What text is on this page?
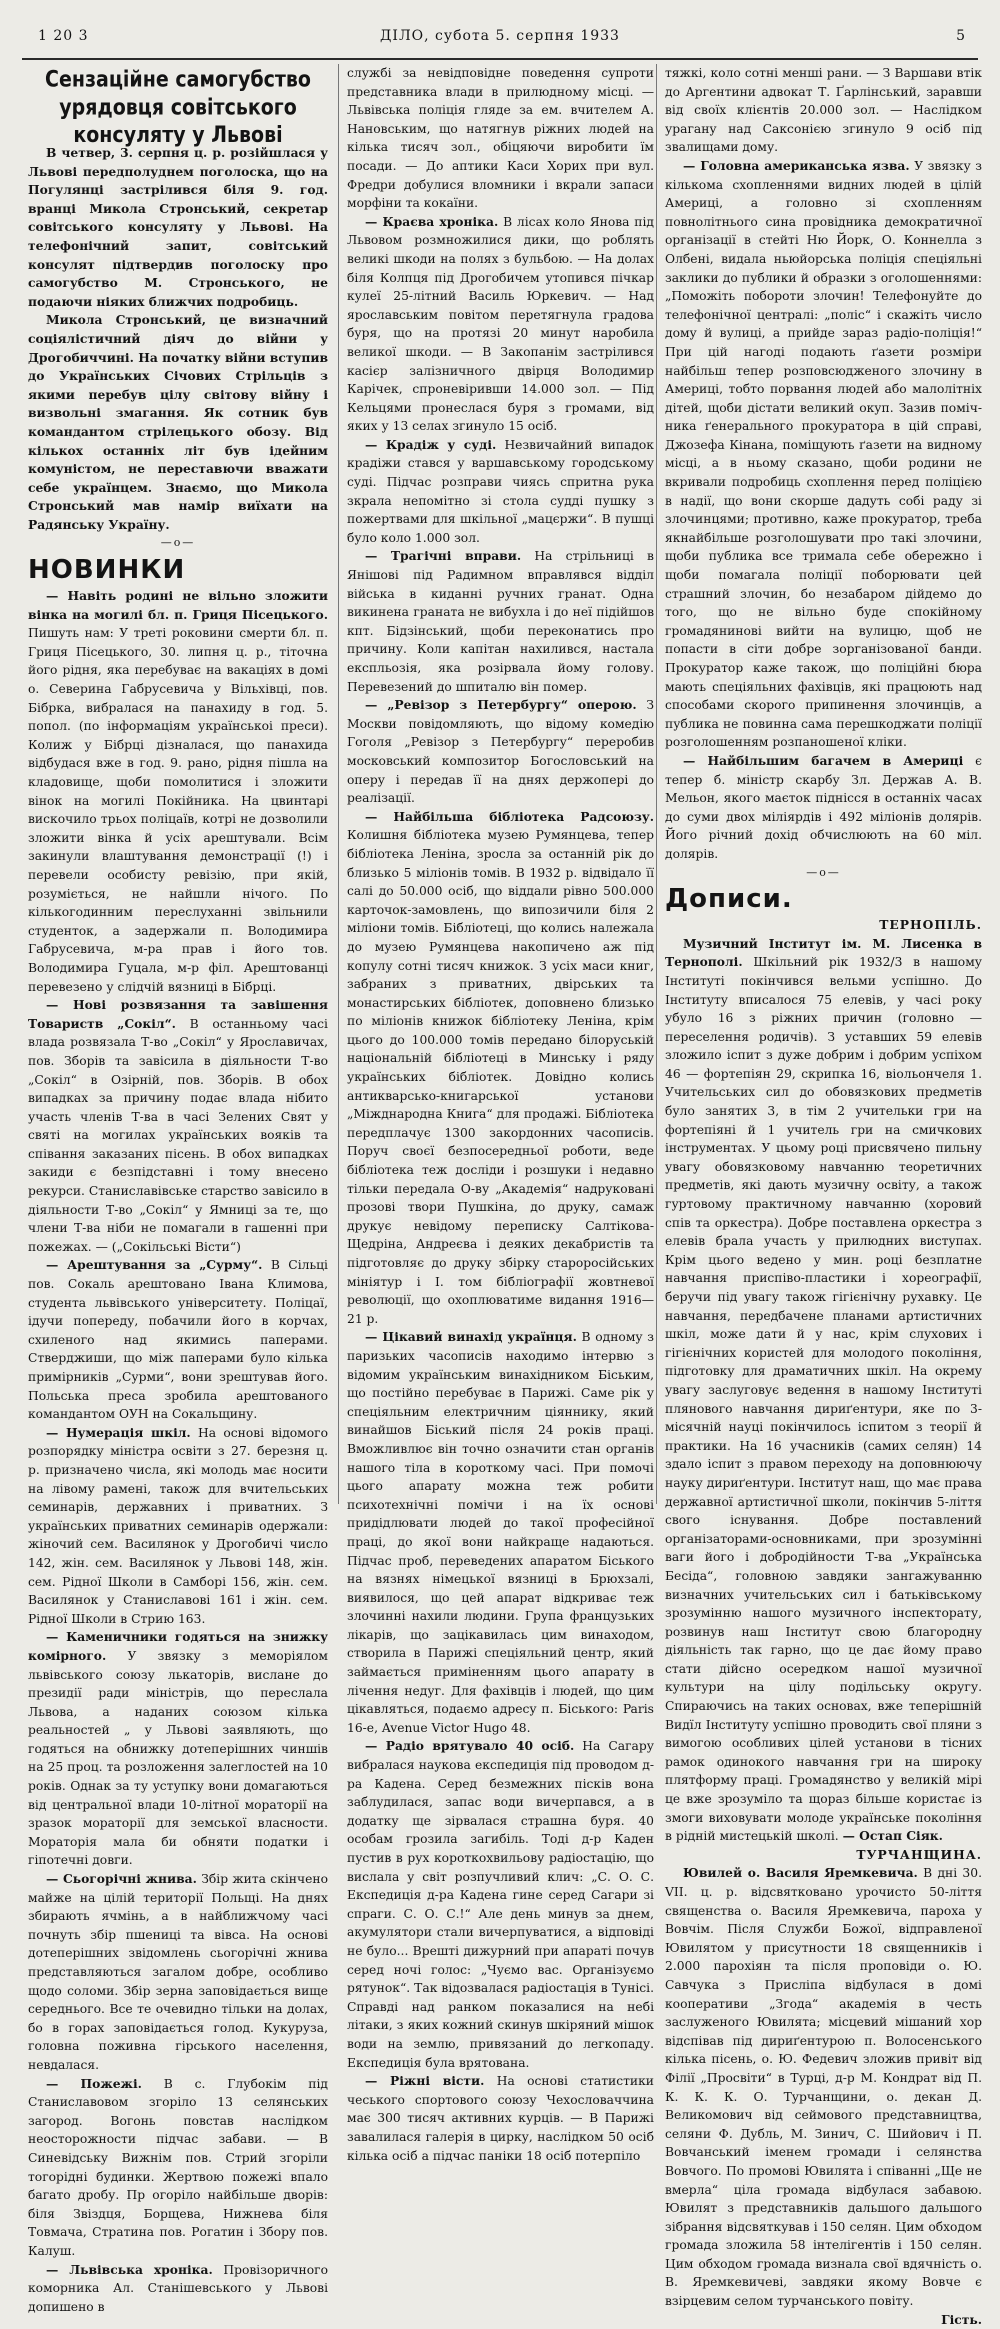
1 20 3	ДІЛО, субота 5. серпня 1933	5
Сензаційне самогубство урядовця совітського консуляту у Львові

В четвер, 3. серпня ц. р. розійшлася у Львові передполуднем поголоска, що на Погулянці застрілився біля 9. год. вранці Микола Стронський, секретар совітського консуляту у Львові. На телефонічний запит, совітський консулят підтвердив поголоску про самогубство М. Стронського, не подаючи ніяких ближчих подробиць.

Микола Стронський, це визначний соціялістичний діяч до війни у Дрогобиччині. На початку війни вступив до Українських Січових Стрільців з якими перебув цілу світову війну і визвольні змагання. Як сотник був командантом стрілецького обозу. Від кількох останніх літ був ідейним комуністом, не переставючи вважати себе українцем. Знаємо, що Микола Стронський мав намір виїхати на Радянську Україну.

—o—

НОВИНКИ

— Навіть родині не вільно зложити вінка на могилі бл. п. Гриця Пісецького. Пишуть нам: У треті роковини смерти бл. п. Гриця Пісецького, 30. липня ц. р., тіточна його рідня, яка перебуває на вакаціях в домі о. Северина Габрусевича у Вільхівці, пов. Бібрка, вибралася на панахиду в год. 5. попол. (по інформаціям українськоі преси). Колиж у Бібрці дізналася, що панахида відбудася вже в год. 9. рано, рідня пішла на кладовище, щоби помолитися і зложити вінок на могилі Покійника. На цвинтарі вискочило трьох поліцаїв, котрі не дозволили зложити вінка й усіх арештували. Всім закинули влаштування демонстрації (!) і перевели особисту ревізію, при якій, розуміється, не найшли нічого. По кількогодинним переслуханні звільнили студенток, а задержали п. Володимира Габрусевича, м-ра прав і його тов. Володимира Гуцала, м-р філ. Арештованці перевезено у слідчій вязниці в Бібрці.

— Нові розвязання та завішення Товариств „Сокіл“. В останньому часі влада розвязала Т-во „Сокіл“ у Ярославичах, пов. Зборів та завісила в діяльности Т-во „Сокіл“ в Озірній, пов. Зборів. В обох випадках за причину подає влада нібито участь членів Т-ва в часі Зелених Свят у святі на могилах українських вояків та співання заказаних пісень. В обох випадках закиди є безпідставні і тому внесено рекурси. Станиславівське старство завісило в діяльности Т-во „Сокіл“ у Ямниці за те, що члени Т-ва ніби не помагали в гашенні при пожежах. — („Сокільські Вісти“)

— Арештування за „Сурму“. В Сільці пов. Сокаль арештовано Івана Климова, студента львівського університету. Поліцаї, ідучи попереду, побачили його в корчах, схиленого над якимись паперами. Стверджиши, що між паперами було кілька примірників „Сурми“, вони зрештував його. Польська преса зробила арештованого командантом ОУН на Сокальщину.

— Нумерація шкіл. На основі відомого розпорядку міністра освіти з 27. березня ц. р. призначено числа, які молодь має носити на лівому рамені, також для вчительських семинарів, державних і приватних. З українських приватних семинарів одержали: жіночий сем. Василянок у Дрогобичі число 142, жін. сем. Василянок у Львові 148, жін. сем. Рідної Школи в Самборі 156, жін. сем. Василянок у Станиславові 161 і жін. сем. Рідної Школи в Стрию 163.

— Каменичники годяться на знижку комірного. У звязку з меморіялом львівського союзу лькаторів, вислане до президії ради міністрів, що переслала Львова, а наданих союзом кілька реальностей „ у Львові заявляють, що годяться на обнижку дотеперішних чиншів на 25 проц. та розложення залеглостей на 10 років. Однак за ту уступку вони домагаються від центральної влади 10-літної мораторії на зразок мораторії для земської власности. Мораторія мала би обняти податки і гіпотечні довги.

— Сьогорічні жнива. Збір жита скінчено майже на цілій території Польщі. На днях збирають ячмінь, а в найближчому часі почнуть збір пшениці та вівса. На основі дотеперішних звідомлень сьогорічні жнива представляються загалом добре, особливо щодо соломи. Збір зерна заповідається вище середнього. Все те очевидно тільки на долах, бо в горах заповідається голод. Кукуруза, головна поживна гірського населення, невдалася.

— Пожежі. В с. Глубокім під Станиславовом згоріло 13 селянських загород. Вогонь повстав наслідком неосторожности підчас забави. — В Синевідську Вижнім пов. Стрий згоріли тогорідні будинки. Жертвою пожежі впало багато дробу. Пр огоріло найбільше дворів: біля Звіздця, Борщева, Нижнева біля Товмача, Стратина пов. Рогатин і Збору пов. Калуш.

— Львівська хроніка. Провізоричного коморника Ал. Станішевського у Львові допишено в

службі за невідповідне поведення супроти представника влади в прилюдному місці. — Львівська поліція гляде за ем. вчителем А. Нановським, що натягнув ріжних людей на кілька тисяч зол., обіцяючи виробити їм посади. — До аптики Каси Хорих при вул. Фредри добулися вломники і вкрали запаси морфіни та кокаїни.

— Краєва хроніка. В лісах коло Янова під Львовом розмножилися дики, що роблять великі шкоди на полях з бульбою. — На долах біля Колпця під Дрогобичем утопився пічкар кулеї 25-літний Василь Юркевич. — Над ярославським повітом перетягнула градова буря, що на протязі 20 минут наробила великої шкоди. — В Закопанім застрілився касієр залізничного двірця Володимир Карічек, спроневіривши 14.000 зол. — Під Кельцями пронеслася буря з громами, від яких у 13 селах згинуло 15 осіб.

— Крадіж у суді. Незвичайний випадок крадіжи стався у варшавському городському суді. Підчас розправи чиясь спритна рука зкрала непомітно зі стола судді пушку з пожертвами для шкільної „мацєржи“. В пушці було коло 1.000 зол.

— Трагічні вправи. На стрільниці в Янішові під Радимном вправлявся відділ війська в киданні ручних гранат. Одна викинена граната не вибухла і до неї підійшов кпт. Бідзінський, щоби переконатись про причину. Коли капітан нахилився, настала експльозія, яка розірвала йому голову. Перевезений до шпиталю він помер.

— „Ревізор з Петербургу“ оперою. З Москви повідомляють, що відому комедію Гоголя „Ревізор з Петербургу“ переробив московський композитор Богословський на оперу і передав її на днях держопері до реалізації.

— Найбільша бібліотека Радсоюзу. Колишня бібліотека музею Румянцева, тепер бібліотека Леніна, зросла за останній рік до близько 5 міліонів томів. В 1932 р. відвідало її салі до 50.000 осіб, що віддали рівно 500.000 карточок-замовлень, що випозичили біля 2 міліони томів. Бібліотеці, що колись належала до музею Румянцева накопичено аж під копулу сотні тисяч книжок. З усіх маси книг, забраних з приватних, двірських та монастирських бібліотек, доповнено близько по міліонів книжок бібліотеку Леніна, крім цього до 100.000 томів передано білоруській національній бібліотеці в Минську і ряду українських бібліотек. Довідно колись антикварсько-книгарської установи „Міжднародна Книга“ для продажі. Бібліотека передплачує 1300 закордонних часописів. Поруч своєї безпосередньої роботи, веде бібліотека теж досліди і розшуки і недавно тільки передала О-ву „Академія“ надруковані прозові твори Пушкіна, до друку, самаж друкує невідому переписку Салтікова-Щедріна, Андреєва і деяких декабристів та підготовляє до друку збірку староросійських мініятур і І. том бібліографії жовтневої революції, що охоплюватиме видання 1916—21 р.

— Цікавий винахід українця. В одному з паризьких часописів находимо інтервю з відомим українським винахідником Біським, що постійно перебуває в Парижі. Саме рік у спеціяльним електричним ціяннику, який винайшов Біський після 24 років праці. Вможливлює він точно означити стан органів нашого тіла в короткому часі. При помочі цього апарату можна теж робити психотехнічні помічи і на їх основі придідлювати людей до такої професійної праці, до якої вони найкраще надаються. Підчас проб, переведених апаратом Біського на вязнях німецької вязниці в Брюхзалі, виявилося, що цей апарат відкриває теж злочинні нахили людини. Група французьких лікарів, що зацікавилась цим винаходом, створила в Парижі спеціяльний центр, який займається приміненням цього апарату в лічення недуг. Для фахівців і людей, що цим цікавляться, подаємо адресу п. Біського: Paris 16-e, Avenue Victor Hugo 48.

— Радіо врятувало 40 осіб. На Сагару вибралася наукова експедиція під проводом д-ра Кадена. Серед безмежних пісків вона заблудилася, запас води вичерпався, а в додатку ще зірвалася страшна буря. 40 особам грозила загибіль. Тоді д-р Каден пустив в рух короткохвильову радіостацію, що вислала у світ розпучливий клич: „С. О. С. Експедиція д-ра Кадена гине серед Сагари зі спраги. С. О. С.!“ Але день минув за днем, акумулятори стали вичерпуватися, а відповіді не було... Врешті дижурний при апараті почув серед ночі голос: „Чуємо вас. Організуємо рятунок“. Так відозвалася радіостація в Тунісі. Справді над ранком показалися на небі літаки, з яких кожний скинув шкіряний мішок води на землю, привязаний до легкопаду. Експедиція була врятована.

— Ріжні вісти. На основі статистики чеського спортового союзу Чехословаччина має 300 тисяч активних курців. — В Парижі завалилася галерія в цирку, наслідком 50 осіб кілька осіб а підчас паніки 18 осіб потерпіло

тяжкі, коло сотні менші рани. — З Варшави втік до Аргентини адвокат Т. Ґарлінський, заравши від своїх клієнтів 20.000 зол. — Наслідком урагану над Саксонією згинуло 9 осіб під звалищами дому.

— Головна американська язва. У звязку з кількома схопленнями видних людей в цілій Америці, а головно зі схопленням повнолітнього сина провідника демократичної організації в стейті Ню Йорк, О. Коннелла з Олбені, видала ньюйорська поліція спеціяльні заклики до публики й образки з оголошеннями: „Поможіть побороти злочин! Телефонуйте до телефонічної централі: „поліс“ і скажіть число дому й вулиці, а прийде зараз радіо-поліція!“ При цій нагоді подають ґазети розміри найбільш тепер розповсюдженого злочину в Америці, тобто порвання людей або малолітніх дітей, щоби дістати великий окуп. Зазив помічника ґенерального прокуратора в цій справі, Джозефа Кінана, поміщують ґазети на видному місці, а в ньому сказано, щоби родини не вкривали подробиць схоплення перед поліцією в надії, що вони скорше дадуть собі раду зі злочинцями; противно, каже прокуратор, треба якнайбільше розголошувати про такі злочини, щоби публика все тримала себе обережно і щоби помагала поліції поборювати цей страшний злочин, бо незабаром дійдемо до того, що не вільно буде спокійному громадянинові вийти на вулицю, щоб не попасти в сіти добре зорганізованої банди. Прокуратор каже також, що поліційні бюра мають спеціяльних фахівців, які працюють над способами скорого припинення злочинців, а публика не повинна сама перешкоджати поліції розголошенням розпаношеної кліки.

— Найбільшим багачем в Америці є тепер б. міністр скарбу Зл. Держав А. В. Мельон, якого маєток піднісся в останніх часах до суми двох міліярдів і 492 міліонів долярів. Його річний дохід обчислюють на 60 міл. долярів.

—o—

Дописи.

ТЕРНОПІЛЬ.

Музичний Інститут ім. М. Лисенка в Тернополі. Шкільний рік 1932/3 в нашому Інституті покінчився вельми успішно. До Інституту вписалося 75 елевів, у часі року убуло 16 з ріжних причин (головно — переселення родичів). З уставших 59 елевів зложило іспит з дуже добрим і добрим успіхом 46 — фортепіян 29, скрипка 16, віольончеля 1. Учительських сил до обовязкових предметів було занятих 3, в тім 2 учительки гри на фортепіяні й 1 учитель гри на смичкових інструментах. У цьому році присвячено пильну увагу обовязковому навчанню теоретичних предметів, які дають музичну освіту, а також гуртовому практичному навчанню (хоровий спів та оркестра). Добре поставлена оркестра з елевів брала участь у прилюдних виступах. Крім цього ведено у мин. році безплатне навчання приспіво-пластики і хореографії, беручи під увагу також гігієнічну рухавку. Це навчання, передбачене планами артистичних шкіл, може дати й у нас, крім слухових і гігієнічних користей для молодого покоління, підготовку для драматичних шкіл. На окрему увагу заслуговує ведення в нашому Інституті плянового навчання дириґентури, яке по 3-місячній науці покінчилось іспитом з теорії й практики. На 16 учасників (самих селян) 14 здало іспит з правом переходу на доповнюючу науку дириґентури. Інститут наш, що має права державної артистичної школи, покінчив 5-ліття свого існування. Добре поставлений організаторами-основниками, при зрозумінні ваги його і добродійности Т-ва „Українська Бесіда“, головною завдяки зангажуванню визначних учительських сил і батьківському зрозумінню нашого музичного інспекторату, розвинув наш Інститут свою благородну діяльність так гарно, що це дає йому право стати дійсно осередком нашої музичної культури на цілу подільську округу. Спираючись на таких основах, вже теперішній Видїл Інституту успішно проводить свої пляни з вимогою особливих цілей установи в тісних рамок одинокого навчання гри на широку плятформу праці. Громадянство у великій мірі це вже зрозуміло та щораз більше користає із змоги виховувати молоде українське покоління в рідній мистецькій школі. — Остап Сіяк.

ТУРЧАНЩИНА.

Ювилей о. Василя Яремкевича. В дні 30. VII. ц. р. відсвятковано урочисто 50-ліття священства о. Василя Яремкевича, пароха у Вовчім. Після Служби Божої, відправленої Ювилятом у присутности 18 священників і 2.000 парохіян та після проповіди о. Ю. Савчука з Присліпа відбулася в домі кооперативи „Згода“ академія в честь заслуженого Ювилята; місцевий мішаний хор відспівав під дириґентурою п. Волосенського кілька пісень, о. Ю. Федевич зложив привіт від Філії „Просвіти“ в Турці, д-р М. Кондрат від П. К. К. К. О. Турчанщини, о. декан Д. Великомович від сеймового представництва, селяни Ф. Дубль, М. Зинич, С. Шийович і П. Вовчанський іменем громади і селянства Вовчого. По промові Ювилята і співанні „Ще не вмерла“ ціла громада відбулася забавою. Ювилят з представників дальшого дальшого зібрання відсвяткував і 150 селян. Цим обходом громада зложила 58 інтелігентів і 150 селян. Цим обходом громада визнала свої вдячність о. В. Яремкевичеві, завдяки якому Вовче є взірцевим селом турчанського повіту.

Гість.
